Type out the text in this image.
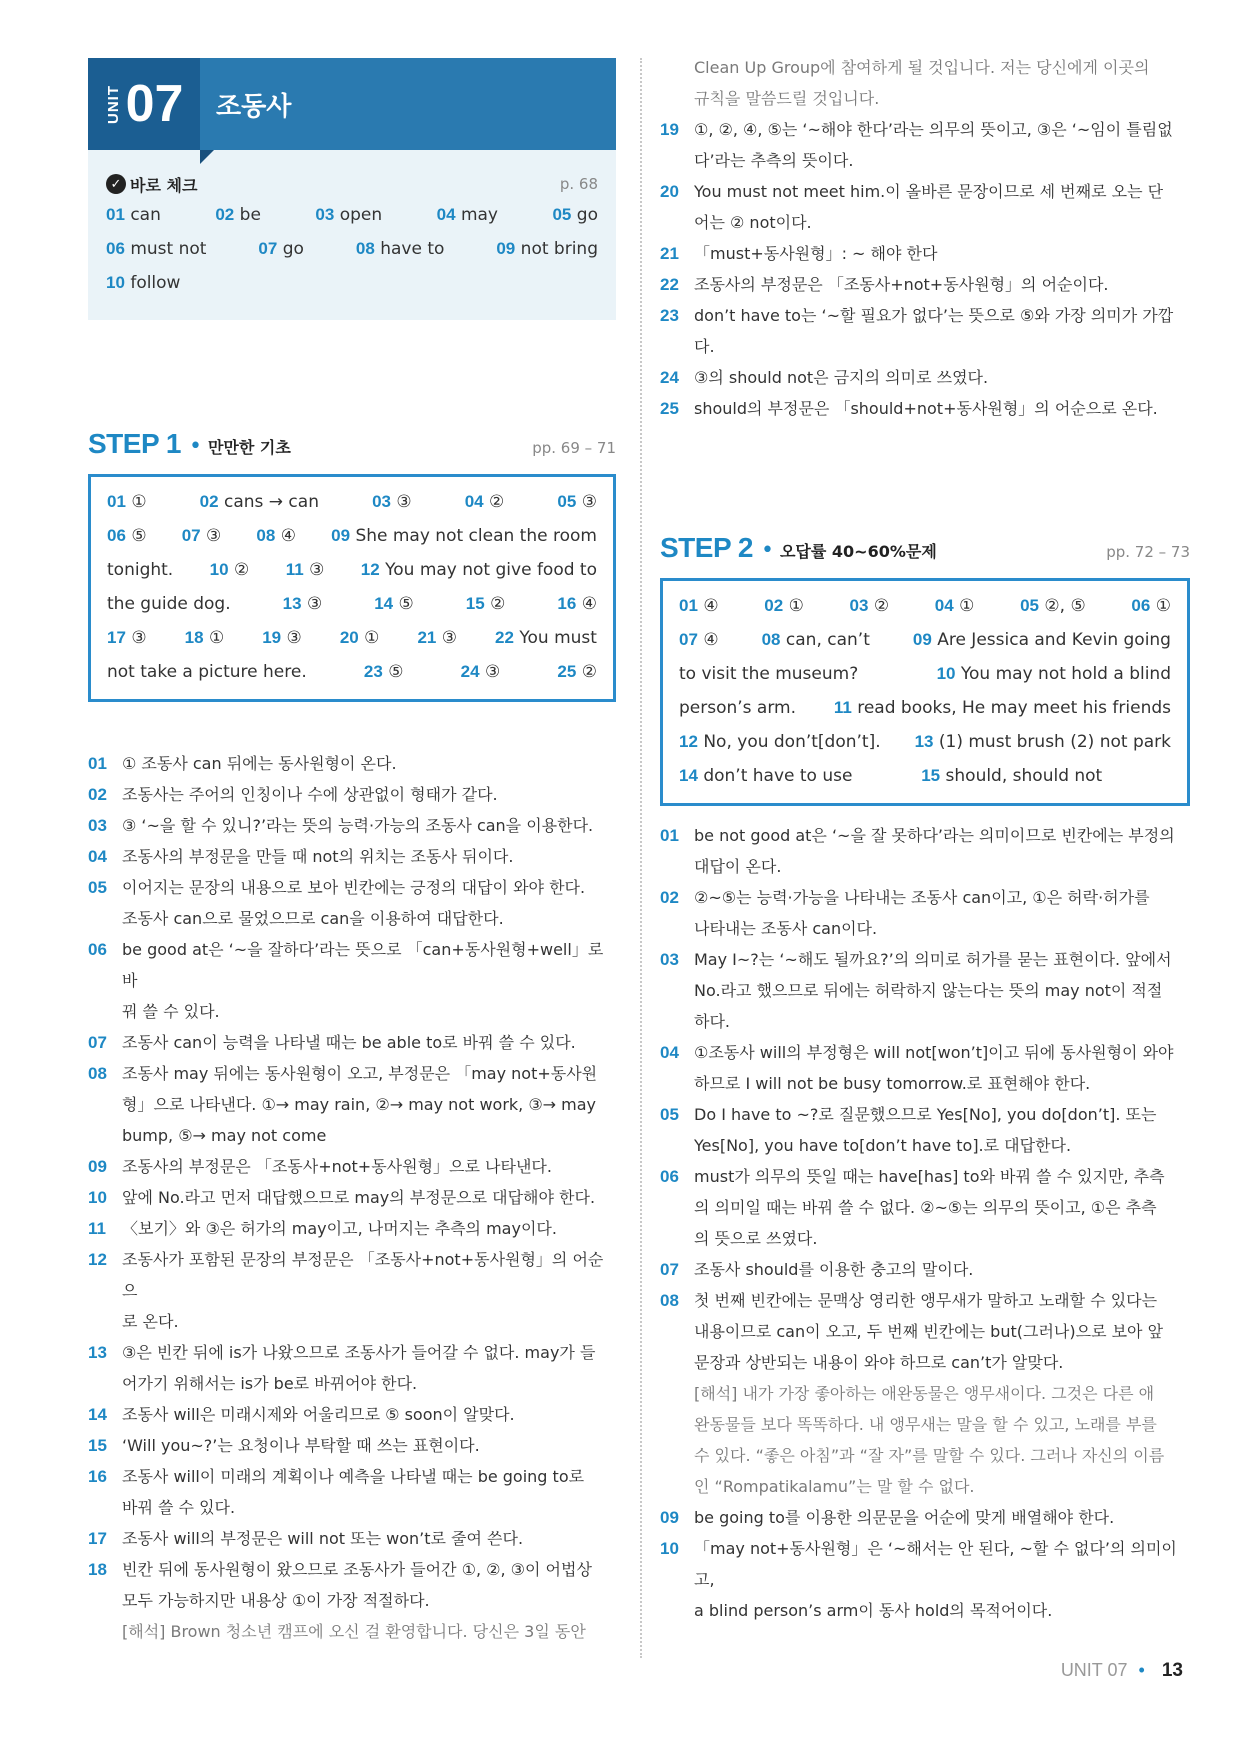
UNIT 07 조동사
✓ 바로 체크	p. 68
01 can	02 be	03 open	04 may	05 go
06 must not	07 go	08 have to	09 not bring
10 follow
STEP 1 • 만만한 기초	pp. 69 – 71
01 ①	02 cans → can	03 ③	04 ②	05 ③
06 ⑤ 07 ③ 08 ④ 09 She may not clean the room
tonight. 10 ② 11 ③ 12 You may not give food to
the guide dog.	13 ③	14 ⑤	15 ②	16 ④
17 ③ 18 ① 19 ③ 20 ① 21 ③ 22 You must
not take a picture here.	23 ⑤	24 ③	25 ②
01 ① 조동사 can 뒤에는 동사원형이 온다.
02 조동사는 주어의 인칭이나 수에 상관없이 형태가 같다.
03 ③ ‘~을 할 수 있니?’라는 뜻의 능력·가능의 조동사 can을 이용한다.
04 조동사의 부정문을 만들 때 not의 위치는 조동사 뒤이다.
05 이어지는 문장의 내용으로 보아 빈칸에는 긍정의 대답이 와야 한다.
조동사 can으로 물었으므로 can을 이용하여 대답한다.
06 be good at은 ‘~을 잘하다’라는 뜻으로 「can+동사원형+well」로 바
꿔 쓸 수 있다.
07 조동사 can이 능력을 나타낼 때는 be able to로 바꿔 쓸 수 있다.
08 조동사 may 뒤에는 동사원형이 오고, 부정문은 「may not+동사원
형」으로 나타낸다. ①→ may rain, ②→ may not work, ③→ may
bump, ⑤→ may not come
09 조동사의 부정문은 「조동사+not+동사원형」으로 나타낸다.
10 앞에 No.라고 먼저 대답했으므로 may의 부정문으로 대답해야 한다.
11	〈보기〉와 ③은 허가의 may이고, 나머지는 추측의 may이다.
12 조동사가 포함된 문장의 부정문은 「조동사+not+동사원형」의 어순으
로 온다.
13 ③은 빈칸 뒤에 is가 나왔으므로 조동사가 들어갈 수 없다. may가 들
어가기 위해서는 is가 be로 바뀌어야 한다.
14 조동사 will은 미래시제와 어울리므로 ⑤ soon이 알맞다.
15 ‘Will you~?’는 요청이나 부탁할 때 쓰는 표현이다.
16 조동사 will이 미래의 계획이나 예측을 나타낼 때는 be going to로
바꿔 쓸 수 있다.
17 조동사 will의 부정문은 will not 또는 won’t로 줄여 쓴다.
18 빈칸 뒤에 동사원형이 왔으므로 조동사가 들어간 ①, ②, ③이 어법상
모두 가능하지만 내용상 ①이 가장 적절하다.
[해석] Brown 청소년 캠프에 오신 걸 환영합니다. 당신은 3일 동안
Clean Up Group에 참여하게 될 것입니다. 저는 당신에게 이곳의
규칙을 말씀드릴 것입니다.
19 ①, ②, ④, ⑤는 ‘~해야 한다’라는 의무의 뜻이고, ③은 ‘~임이 틀림없
다’라는 추측의 뜻이다.
20 You must not meet him.이 올바른 문장이므로 세 번째로 오는 단
어는 ② not이다.
21 「must+동사원형」: ~ 해야 한다
22 조동사의 부정문은 「조동사+not+동사원형」의 어순이다.
23 don’t have to는 ‘~할 필요가 없다’는 뜻으로 ⑤와 가장 의미가 가깝다.
24 ③의 should not은 금지의 의미로 쓰였다.
25 should의 부정문은 「should+not+동사원형」의 어순으로 온다.
STEP 2 • 오답률 40~60%문제	pp. 72 – 73
01 ④	02 ①	03 ②	04 ①	05 ②, ⑤	06 ①
07 ④	08 can, can’t	09 Are Jessica and Kevin going
to visit the museum?	10 You may not hold a blind
person’s arm. 11 read books, He may meet his friends
12 No, you don’t[don’t]. 13 (1) must brush (2) not park
14 don’t have to use	15 should, should not
01 be not good at은 ‘~을 잘 못하다’라는 의미이므로 빈칸에는 부정의
대답이 온다.
02 ②~⑤는 능력·가능을 나타내는 조동사 can이고, ①은 허락·허가를
나타내는 조동사 can이다.
03 May I~?는 ‘~해도 될까요?’의 의미로 허가를 묻는 표현이다. 앞에서
No.라고 했으므로 뒤에는 허락하지 않는다는 뜻의 may not이 적절
하다.
04 ①조동사 will의 부정형은 will not[won’t]이고 뒤에 동사원형이 와야
하므로 I will not be busy tomorrow.로 표현해야 한다.
05 Do I have to ~?로 질문했으므로 Yes[No], you do[don’t]. 또는
Yes[No], you have to[don’t have to].로 대답한다.
06 must가 의무의 뜻일 때는 have[has] to와 바꿔 쓸 수 있지만, 추측
의 의미일 때는 바꿔 쓸 수 없다. ②~⑤는 의무의 뜻이고, ①은 추측
의 뜻으로 쓰였다.
07 조동사 should를 이용한 충고의 말이다.
08 첫 번째 빈칸에는 문맥상 영리한 앵무새가 말하고 노래할 수 있다는
내용이므로 can이 오고, 두 번째 빈칸에는 but(그러나)으로 보아 앞
문장과 상반되는 내용이 와야 하므로 can’t가 알맞다.
[해석] 내가 가장 좋아하는 애완동물은 앵무새이다. 그것은 다른 애
완동물들 보다 똑똑하다. 내 앵무새는 말을 할 수 있고, 노래를 부를
수 있다. “좋은 아침”과 “잘 자”를 말할 수 있다. 그러나 자신의 이름
인 “Rompatikalamu”는 말 할 수 없다.
09 be going to를 이용한 의문문을 어순에 맞게 배열해야 한다.
10 「may not+동사원형」은 ‘~해서는 안 된다, ~할 수 없다’의 의미이고,
a blind person’s arm이 동사 hold의 목적어이다.
UNIT 07 • 13
